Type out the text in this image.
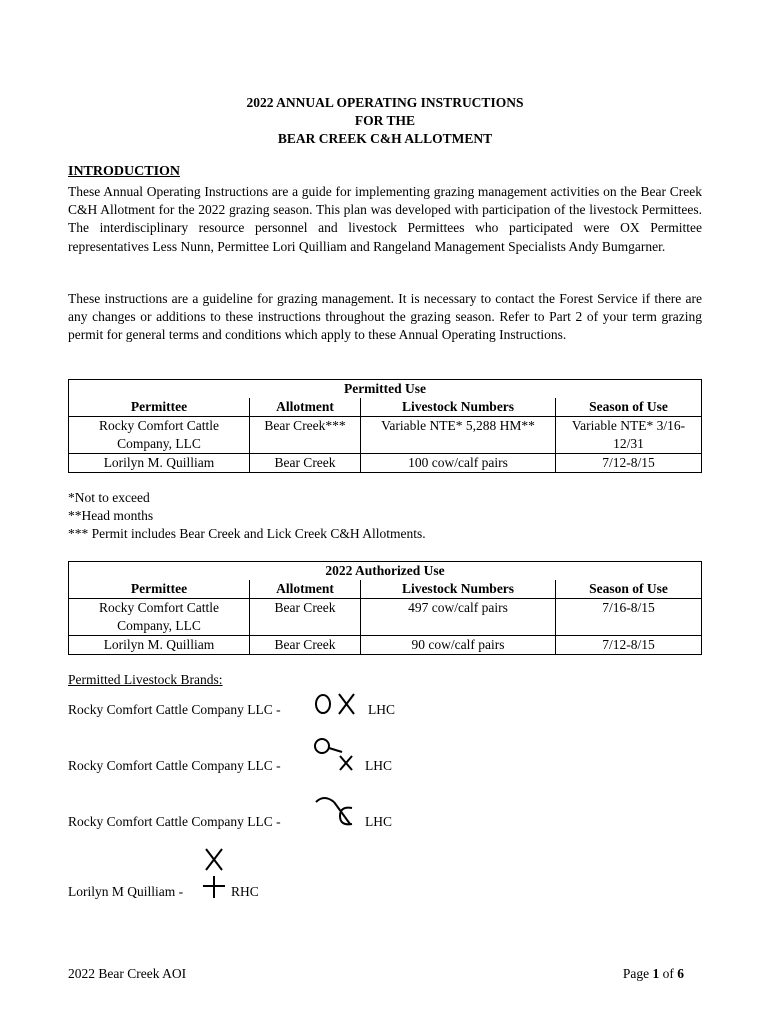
2022 ANNUAL OPERATING INSTRUCTIONS
FOR THE
BEAR CREEK C&H ALLOTMENT
INTRODUCTION

These Annual Operating Instructions are a guide for implementing grazing management activities on the Bear Creek C&H Allotment for the 2022 grazing season. This plan was developed with participation of the livestock Permittees. The interdisciplinary resource personnel and livestock Permittees who participated were OX Permittee representatives Less Nunn, Permittee Lori Quilliam and Rangeland Management Specialists Andy Bumgarner.

These instructions are a guideline for grazing management. It is necessary to contact the Forest Service if there are any changes or additions to these instructions throughout the grazing season. Refer to Part 2 of your term grazing permit for general terms and conditions which apply to these Annual Operating Instructions.

Permitted Use			
Permittee	Allotment	Livestock Numbers	Season of Use
Rocky Comfort Cattle Company, LLC	Bear Creek***	Variable NTE* 5,288 HM**	Variable NTE* 3/16-12/31
Lorilyn M. Quilliam	Bear Creek	100 cow/calf pairs	7/12-8/15
*Not to exceed
**Head months
*** Permit includes Bear Creek and Lick Creek C&H Allotments.
2022 Authorized Use			
Permittee	Allotment	Livestock Numbers	Season of Use
Rocky Comfort Cattle Company, LLC	Bear Creek	497 cow/calf pairs	7/16-8/15
Lorilyn M. Quilliam	Bear Creek	90 cow/calf pairs	7/12-8/15
Permitted Livestock Brands:
Rocky Comfort Cattle Company LLC -	LHC
Rocky Comfort Cattle Company LLC -	LHC
Rocky Comfort Cattle Company LLC -	LHC
Lorilyn M Quilliam -	RHC
2022 Bear Creek AOI	Page 1 of 6
